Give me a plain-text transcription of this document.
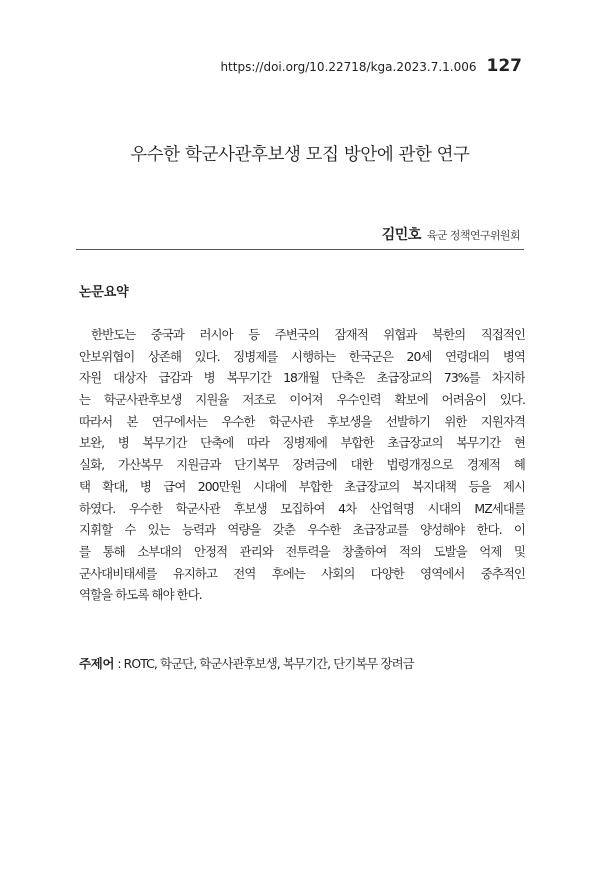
https://doi.org/10.22718/kga.2023.7.1.006 127
우수한 학군사관후보생 모집 방안에 관한 연구
김민호 육군 정책연구위원회
논문요약
한반도는 중국과 러시아 등 주변국의 잠재적 위협과 북한의 직접적인
안보위협이 상존해 있다. 징병제를 시행하는 한국군은 20세 연령대의 병역
자원 대상자 급감과 병 복무기간 18개월 단축은 초급장교의 73%를 차지하
는 학군사관후보생 지원율 저조로 이어져 우수인력 확보에 어려움이 있다.
따라서 본 연구에서는 우수한 학군사관 후보생을 선발하기 위한 지원자격
보완, 병 복무기간 단축에 따라 징병제에 부합한 초급장교의 복무기간 현
실화, 가산복무 지원금과 단기복무 장려금에 대한 법령개정으로 경제적 혜
택 확대, 병 급여 200만원 시대에 부합한 초급장교의 복지대책 등을 제시
하였다. 우수한 학군사관 후보생 모집하여 4차 산업혁명 시대의 MZ세대를
지휘할 수 있는 능력과 역량을 갖춘 우수한 초급장교를 양성해야 한다. 이
를 통해 소부대의 안정적 관리와 전투력을 창출하여 적의 도발을 억제 및
군사대비태세를 유지하고 전역 후에는 사회의 다양한 영역에서 중추적인
역할을 하도록 해야 한다.
주제어 : ROTC, 학군단, 학군사관후보생, 복무기간, 단기복무 장려금
